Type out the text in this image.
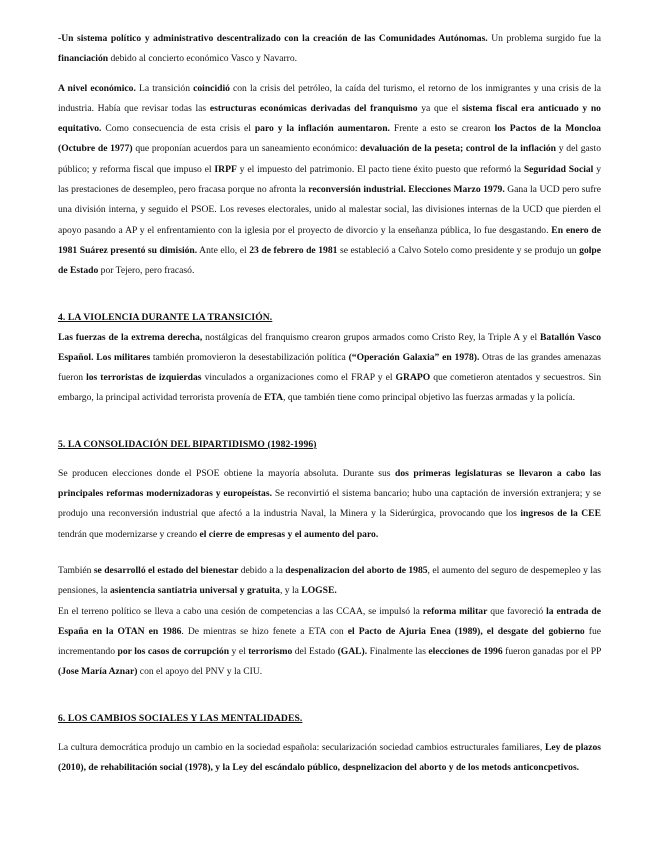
-Un sistema político y administrativo descentralizado con la creación de las Comunidades Autónomas. Un problema surgido fue la financiación debido al concierto económico Vasco y Navarro.

A nivel económico. La transición coincidió con la crisis del petróleo, la caída del turismo, el retorno de los inmigrantes y una crisis de la industria. Había que revisar todas las estructuras económicas derivadas del franquismo ya que el sistema fiscal era anticuado y no equitativo. Como consecuencia de esta crisis el paro y la inflación aumentaron. Frente a esto se crearon los Pactos de la Moncloa (Octubre de 1977) que proponían acuerdos para un saneamiento económico: devaluación de la peseta; control de la inflación y del gasto público; y reforma fiscal que impuso el IRPF y el impuesto del patrimonio. El pacto tiene éxito puesto que reformó la Seguridad Social y las prestaciones de desempleo, pero fracasa porque no afronta la reconversión industrial. Elecciones Marzo 1979. Gana la UCD pero sufre una división interna, y seguido el PSOE. Los reveses electorales, unido al malestar social, las divisiones internas de la UCD que pierden el apoyo pasando a AP y el enfrentamiento con la iglesia por el proyecto de divorcio y la enseñanza pública, lo fue desgastando. En enero de 1981 Suárez presentó su dimisión. Ante ello, el 23 de febrero de 1981 se estableció a Calvo Sotelo como presidente y se produjo un golpe de Estado por Tejero, pero fracasó.

4. LA VIOLENCIA DURANTE LA TRANSICIÓN.

Las fuerzas de la extrema derecha, nostálgicas del franquismo crearon grupos armados como Cristo Rey, la Triple A y el Batallón Vasco Español. Los militares también promovieron la desestabilización política (“Operación Galaxia” en 1978). Otras de las grandes amenazas fueron los terroristas de izquierdas vinculados a organizaciones como el FRAP y el GRAPO que cometieron atentados y secuestros. Sin embargo, la principal actividad terrorista provenía de ETA, que también tiene como principal objetivo las fuerzas armadas y la policía.

5. LA CONSOLIDACIÓN DEL BIPARTIDISMO (1982-1996)

Se producen elecciones donde el PSOE obtiene la mayoría absoluta. Durante sus dos primeras legislaturas se llevaron a cabo las principales reformas modernizadoras y europeístas. Se reconvirtió el sistema bancario; hubo una captación de inversión extranjera; y se produjo una reconversión industrial que afectó a la industria Naval, la Minera y la Siderúrgica, provocando que los ingresos de la CEE tendrán que modernizarse y creando el cierre de empresas y el aumento del paro.

También se desarrolló el estado del bienestar debido a la despenalizacion del aborto de 1985, el aumento del seguro de despemepleo y las pensiones, la asientencia santiatria universal y gratuita, y la LOGSE.

En el terreno político se lleva a cabo una cesión de competencias a las CCAA, se impulsó la reforma militar que favoreció la entrada de España en la OTAN en 1986. De mientras se hizo fenete a ETA con el Pacto de Ajuria Enea (1989), el desgate del gobierno fue incrementando por los casos de corrupción y el terrorismo del Estado (GAL). Finalmente las elecciones de 1996 fueron ganadas por el PP (Jose María Aznar) con el apoyo del PNV y la CIU.

6. LOS CAMBIOS SOCIALES Y LAS MENTALIDADES.

La cultura democrática produjo un cambio en la sociedad española: secularización sociedad cambios estructurales familiares, Ley de plazos (2010), de rehabilitación social (1978), y la Ley del escándalo público, despnelizacion del aborto y de los metods anticoncpetivos.
